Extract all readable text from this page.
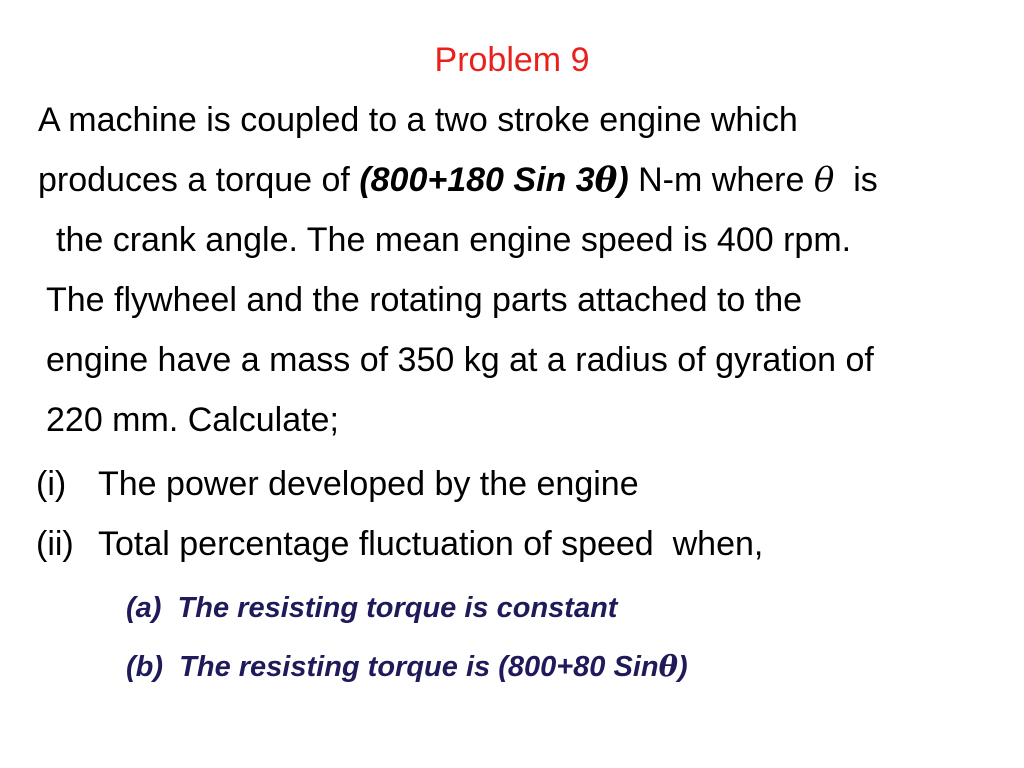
Problem 9
A machine is coupled to a two stroke engine which
produces a torque of (800+180 Sin 3θ) N-m where θ  is
the crank angle. The mean engine speed is 400 rpm.
The flywheel and the rotating parts attached to the
engine have a mass of 350 kg at a radius of gyration of
220 mm. Calculate;
(i) The power developed by the engine
(ii) Total percentage fluctuation of speed  when,
(a)  The resisting torque is constant
(b)  The resisting torque is (800+80 Sinθ)
